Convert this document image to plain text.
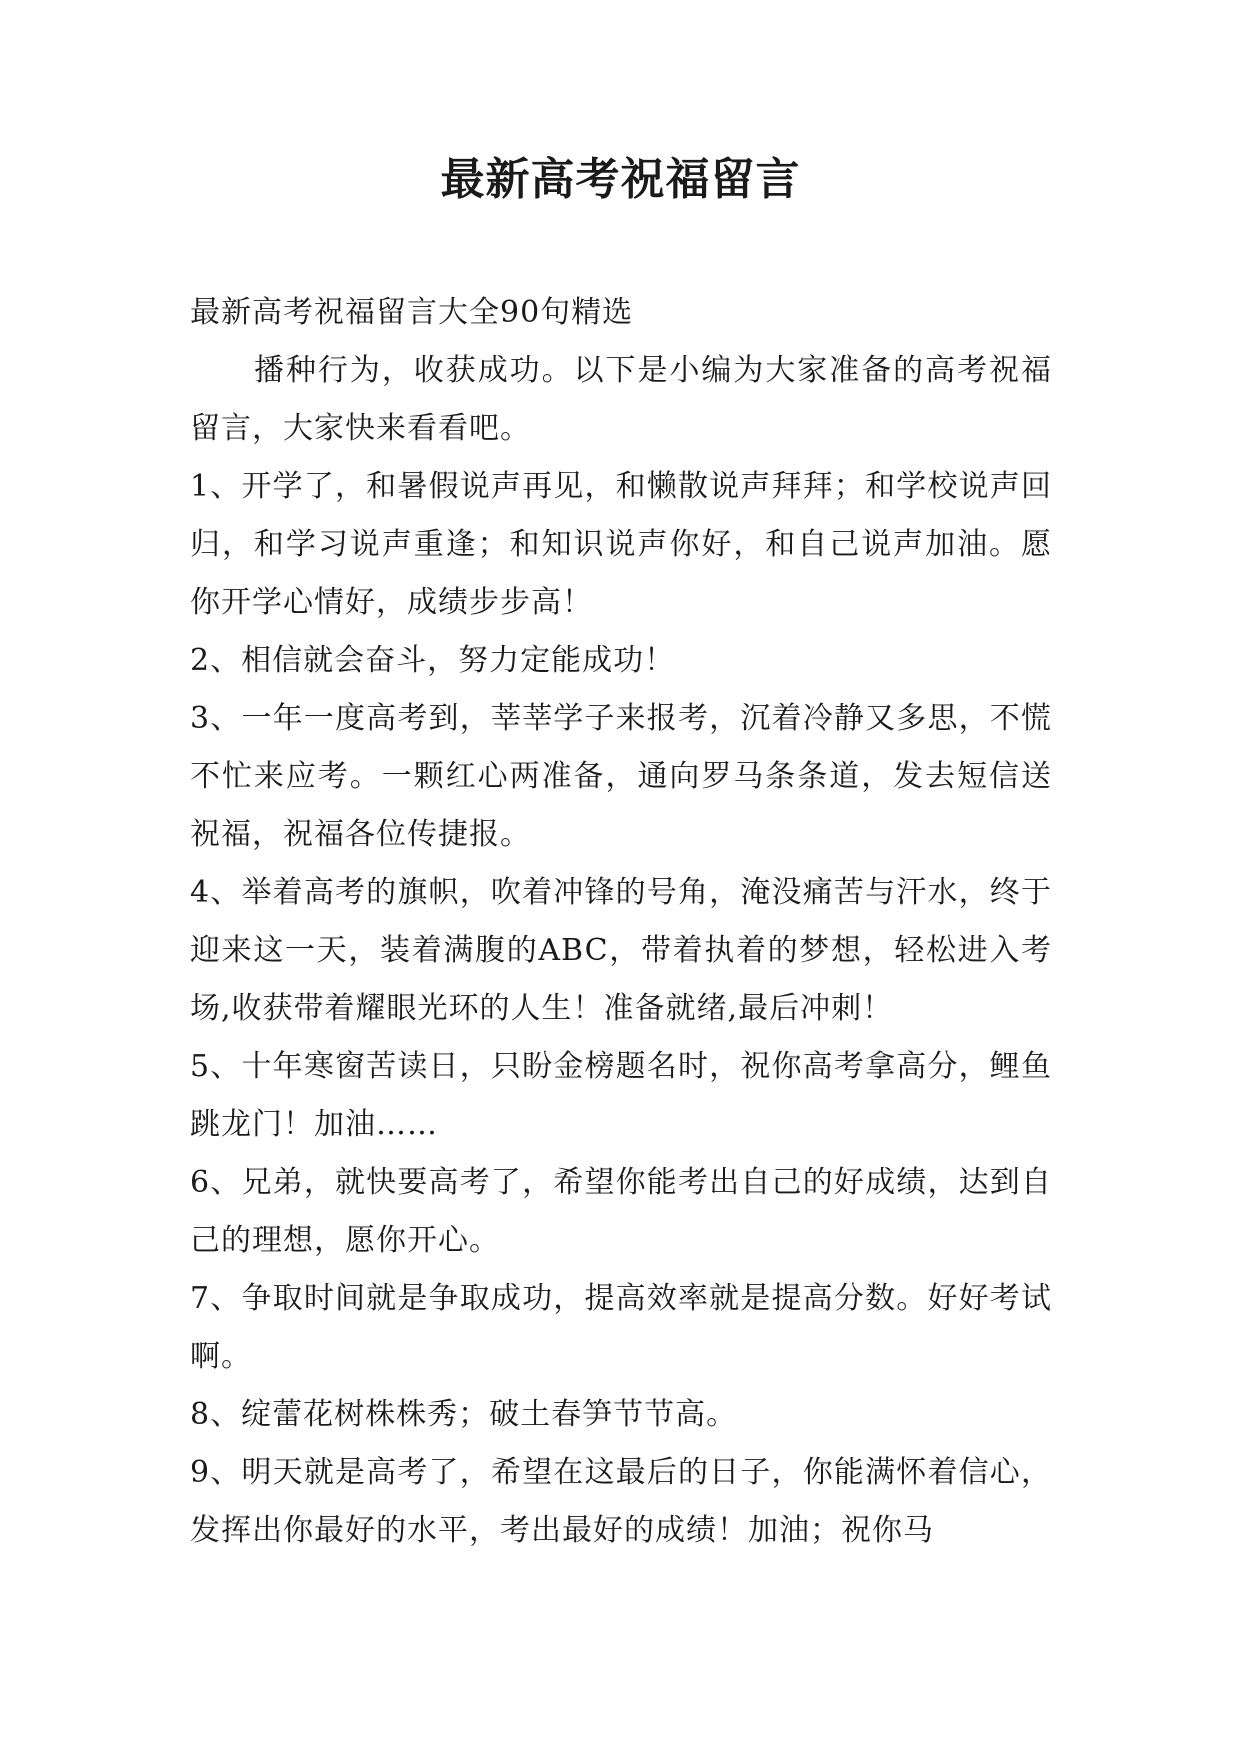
最新高考祝福留言

最新高考祝福留言大全90句精选

播种行为，收获成功。以下是小编为大家准备的高考祝福留言，大家快来看看吧。

1、开学了，和暑假说声再见，和懒散说声拜拜；和学校说声回归，和学习说声重逢；和知识说声你好，和自己说声加油。愿你开学心情好，成绩步步高！

2、相信就会奋斗，努力定能成功！

3、一年一度高考到，莘莘学子来报考，沉着冷静又多思，不慌不忙来应考。一颗红心两准备，通向罗马条条道，发去短信送祝福，祝福各位传捷报。

4、举着高考的旗帜，吹着冲锋的号角，淹没痛苦与汗水，终于迎来这一天，装着满腹的ABC，带着执着的梦想，轻松进入考场,收获带着耀眼光环的人生！准备就绪,最后冲刺！

5、十年寒窗苦读日，只盼金榜题名时，祝你高考拿高分，鲤鱼跳龙门！加油……

6、兄弟，就快要高考了，希望你能考出自己的好成绩，达到自己的理想，愿你开心。

7、争取时间就是争取成功，提高效率就是提高分数。好好考试啊。

8、绽蕾花树株株秀；破土春笋节节高。

9、明天就是高考了，希望在这最后的日子，你能满怀着信心，发挥出你最好的水平，考出最好的成绩！加油；祝你马
